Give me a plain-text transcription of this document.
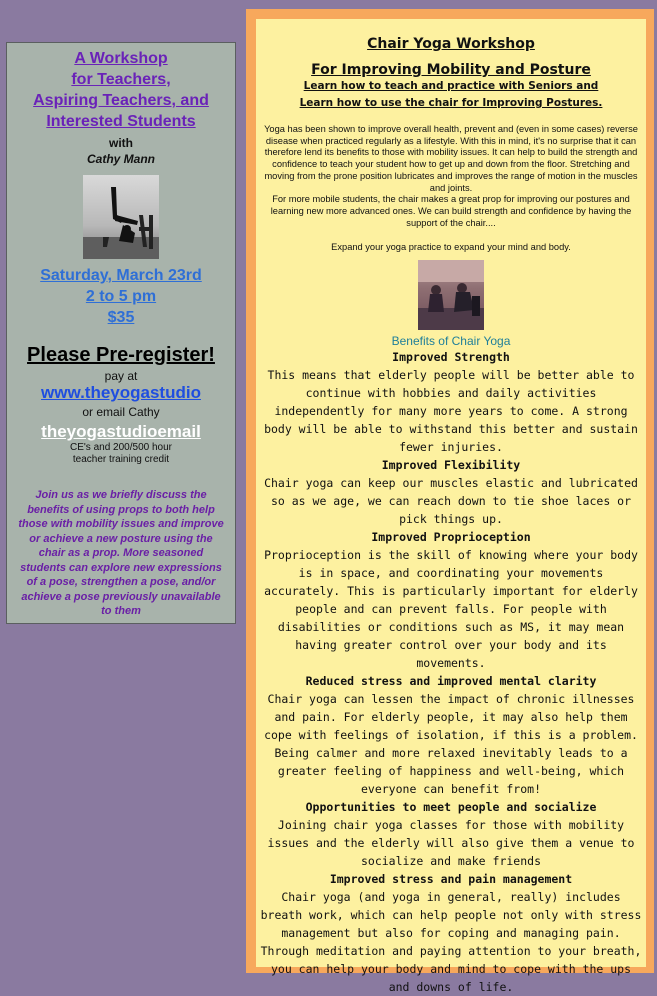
A Workshop
for Teachers,
Aspiring Teachers, and
Interested Students
with
Cathy Mann
Saturday, March 23rd
2 to 5 pm
$35
Please Pre-register!
pay at
www.theyogastudio
or email Cathy
theyogastudioemail
CE's and 200/500 hour
teacher training credit
Join us as we briefly discuss the benefits of using props to both help those with mobility issues and improve or achieve a new posture using the chair as a prop. More seasoned students can explore new expressions of a pose, strengthen a pose, and/or achieve a pose previously unavailable to them
Chair Yoga Workshop
For Improving Mobility and Posture
Learn how to teach and practice with Seniors and
Learn how to use the chair for Improving Postures.
Yoga has been shown to improve overall health, prevent and (even in some cases) reverse disease when practiced regularly as a lifestyle. With this in mind, it's no surprise that it can therefore lend its benefits to those with mobility issues. It can help to build the strength and confidence to teach your student how to get up and down from the floor. Stretching and moving from the prone position lubricates and improves the range of motion in the muscles and joints.
For more mobile students, the chair makes a great prop for improving our postures and learning new more advanced ones. We can build strength and confidence by having the support of the chair....
Expand your yoga practice to expand your mind and body.
Benefits of Chair Yoga
Improved Strength
This means that elderly people will be better able to continue with hobbies and daily activities independently for many more years to come. A strong body will be able to withstand this better and sustain fewer injuries.
Improved Flexibility
Chair yoga can keep our muscles elastic and lubricated so as we age, we can reach down to tie shoe laces or pick things up.
Improved Proprioception
Proprioception is the skill of knowing where your body is in space, and coordinating your movements accurately. This is particularly important for elderly people and can prevent falls. For people with disabilities or conditions such as MS, it may mean having greater control over your body and its movements.
Reduced stress and improved mental clarity
Chair yoga can lessen the impact of chronic illnesses and pain. For elderly people, it may also help them cope with feelings of isolation, if this is a problem. Being calmer and more relaxed inevitably leads to a greater feeling of happiness and well-being, which everyone can benefit from!
Opportunities to meet people and socialize
Joining chair yoga classes for those with mobility issues and the elderly will also give them a venue to socialize and make friends
Improved stress and pain management
Chair yoga (and yoga in general, really) includes breath work, which can help people not only with stress management but also for coping and managing pain. Through meditation and paying attention to your breath, you can help your body and mind to cope with the ups and downs of life.
